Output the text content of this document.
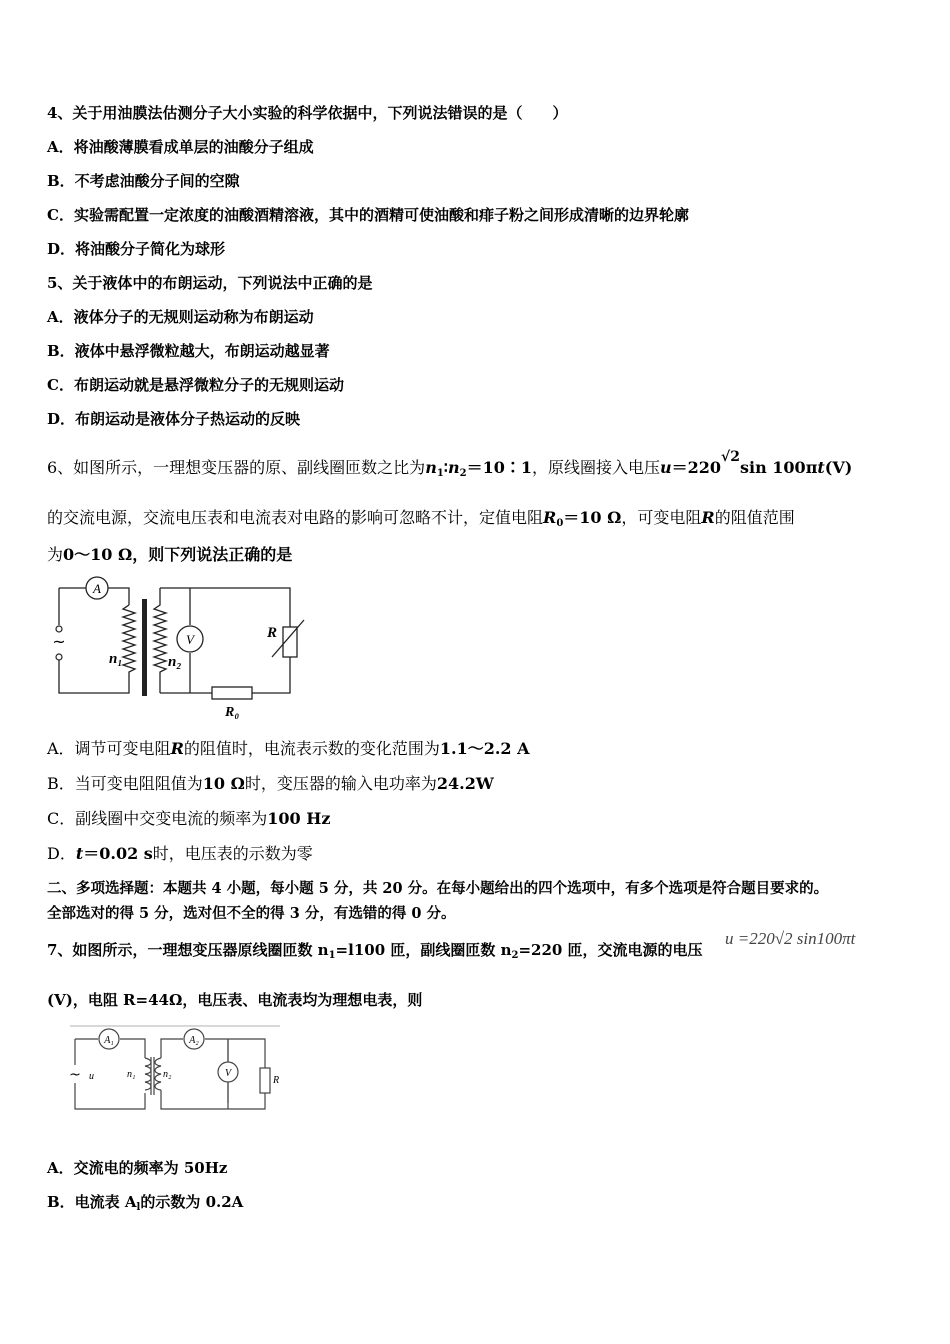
4、关于用油膜法估测分子大小实验的科学依据中，下列说法错误的是（　　）
A．将油酸薄膜看成单层的油酸分子组成
B．不考虑油酸分子间的空隙
C．实验需配置一定浓度的油酸酒精溶液，其中的酒精可使油酸和痱子粉之间形成清晰的边界轮廓
D．将油酸分子简化为球形
5、关于液体中的布朗运动，下列说法中正确的是
A．液体分子的无规则运动称为布朗运动
B．液体中悬浮微粒越大，布朗运动越显著
C．布朗运动就是悬浮微粒分子的无规则运动
D．布朗运动是液体分子热运动的反映
6、如图所示，一理想变压器的原、副线圈匝数之比为$n_1∶n_2=10∶1$，原线圈接入电压u＝220√2sin 100πt(V)
的交流电源，交流电压表和电流表对电路的影响可忽略不计，定值电阻$R_0=10$ Ω，可变电阻R的阻值范围
为0～10 Ω，则下列说法正确的是
A
V
~
n₁	n₂
R
R₀
A．调节可变电阻R的阻值时，电流表示数的变化范围为1.1～2.2 A
B．当可变电阻阻值为10 Ω时，变压器的输入电功率为24.2W
C．副线圈中交变电流的频率为100 Hz
D．t＝0.02 s时，电压表的示数为零
二、多项选择题：本题共 4 小题，每小题 5 分，共 20 分。在每小题给出的四个选项中，有多个选项是符合题目要求的。
全部选对的得 5 分，选对但不全的得 3 分，有选错的得 0 分。
7、如图所示，一理想变压器原线圈匝数 $n_1=l100$ 匝，副线圈匝数 $n_2=220$ 匝，交流电源的电压
u =220√2 sin100πt
(V)，电阻 R=44Ω，电压表、电流表均为理想电表，则
A₁	A₂
V
~ u	n₁	n₂
R
A．交流电的频率为 50Hz
B．电流表 $A_l$的示数为 0.2A
